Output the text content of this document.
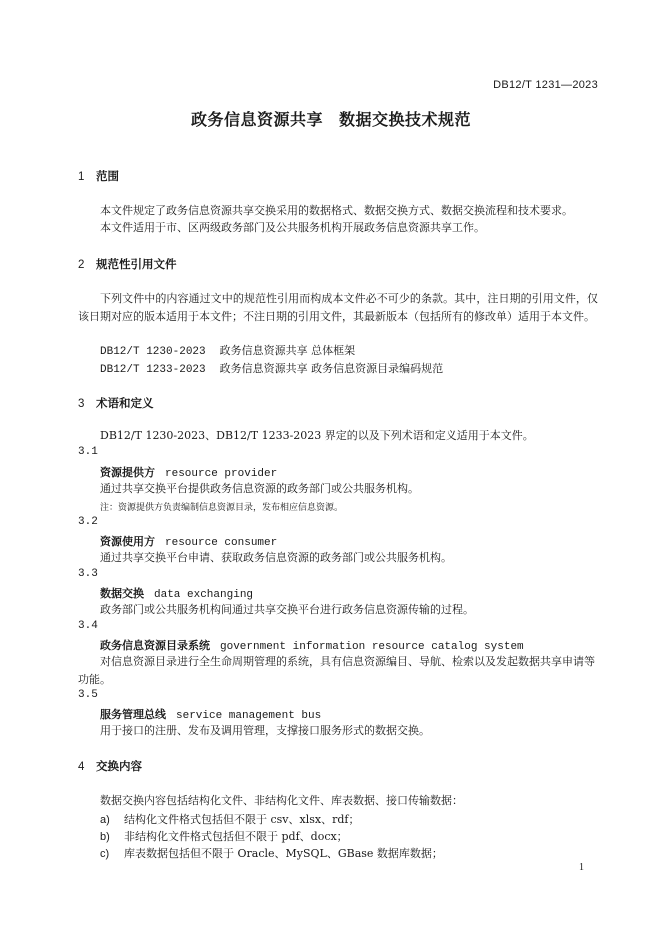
DB12/T 1231—2023
政务信息资源共享 数据交换技术规范
1 范围
本文件规定了政务信息资源共享交换采用的数据格式、数据交换方式、数据交换流程和技术要求。
本文件适用于市、区两级政务部门及公共服务机构开展政务信息资源共享工作。
2 规范性引用文件
下列文件中的内容通过文中的规范性引用而构成本文件必不可少的条款。其中，注日期的引用文件，仅该日期对应的版本适用于本文件；不注日期的引用文件，其最新版本（包括所有的修改单）适用于本文件。
DB12/T 1230-2023 政务信息资源共享 总体框架
DB12/T 1233-2023 政务信息资源共享 政务信息资源目录编码规范
3 术语和定义
DB12/T 1230-2023、DB12/T 1233-2023 界定的以及下列术语和定义适用于本文件。
3.1
资源提供方 resource provider
通过共享交换平台提供政务信息资源的政务部门或公共服务机构。
注：资源提供方负责编制信息资源目录，发布相应信息资源。
3.2
资源使用方 resource consumer
通过共享交换平台申请、获取政务信息资源的政务部门或公共服务机构。
3.3
数据交换 data exchanging
政务部门或公共服务机构间通过共享交换平台进行政务信息资源传输的过程。
3.4
政务信息资源目录系统 government information resource catalog system
对信息资源目录进行全生命周期管理的系统，具有信息资源编目、导航、检索以及发起数据共享申请等功能。
3.5
服务管理总线 service management bus
用于接口的注册、发布及调用管理，支撑接口服务形式的数据交换。
4 交换内容
数据交换内容包括结构化文件、非结构化文件、库表数据、接口传输数据：
a) 结构化文件格式包括但不限于 csv、xlsx、rdf；
b) 非结构化文件格式包括但不限于 pdf、docx；
c) 库表数据包括但不限于 Oracle、MySQL、GBase 数据库数据；
1
